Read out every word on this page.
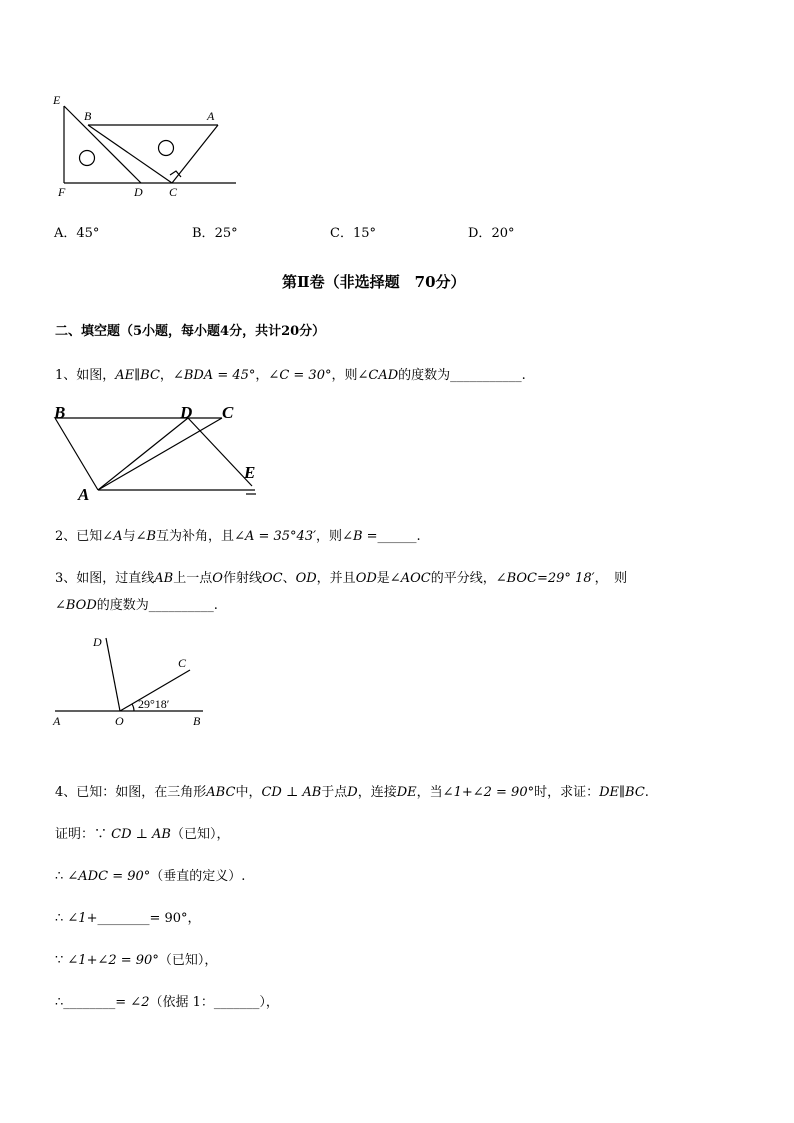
E
B	A
F	D C
A．45°	B．25°	C．15°	D．20°
第Ⅱ卷（非选择题　70分）
二、填空题（5小题，每小题4分，共计20分）
1、如图，AE∥BC，∠BDA = 45°，∠C = 30°，则∠CAD的度数为___________.
B	D C
A
E
2、已知∠A与∠B互为补角，且∠A = 35°43′，则∠B =______.
3、如图，过直线AB上一点O作射线OC、OD，并且OD是∠AOC的平分线，∠BOC=29° 18′，　则
∠BOD的度数为__________.
D
C
A	O	B
29°18′
4、已知：如图，在三角形ABC中，CD ⊥ AB于点D，连接DE，当∠1+∠2 = 90°时，求证：DE∥BC.
证明：∵ CD ⊥ AB（已知），
∴ ∠ADC = 90°（垂直的定义）.
∴ ∠1+________= 90°，
∵ ∠1+∠2 = 90°（已知），
∴________= ∠2（依据 1：_______），
